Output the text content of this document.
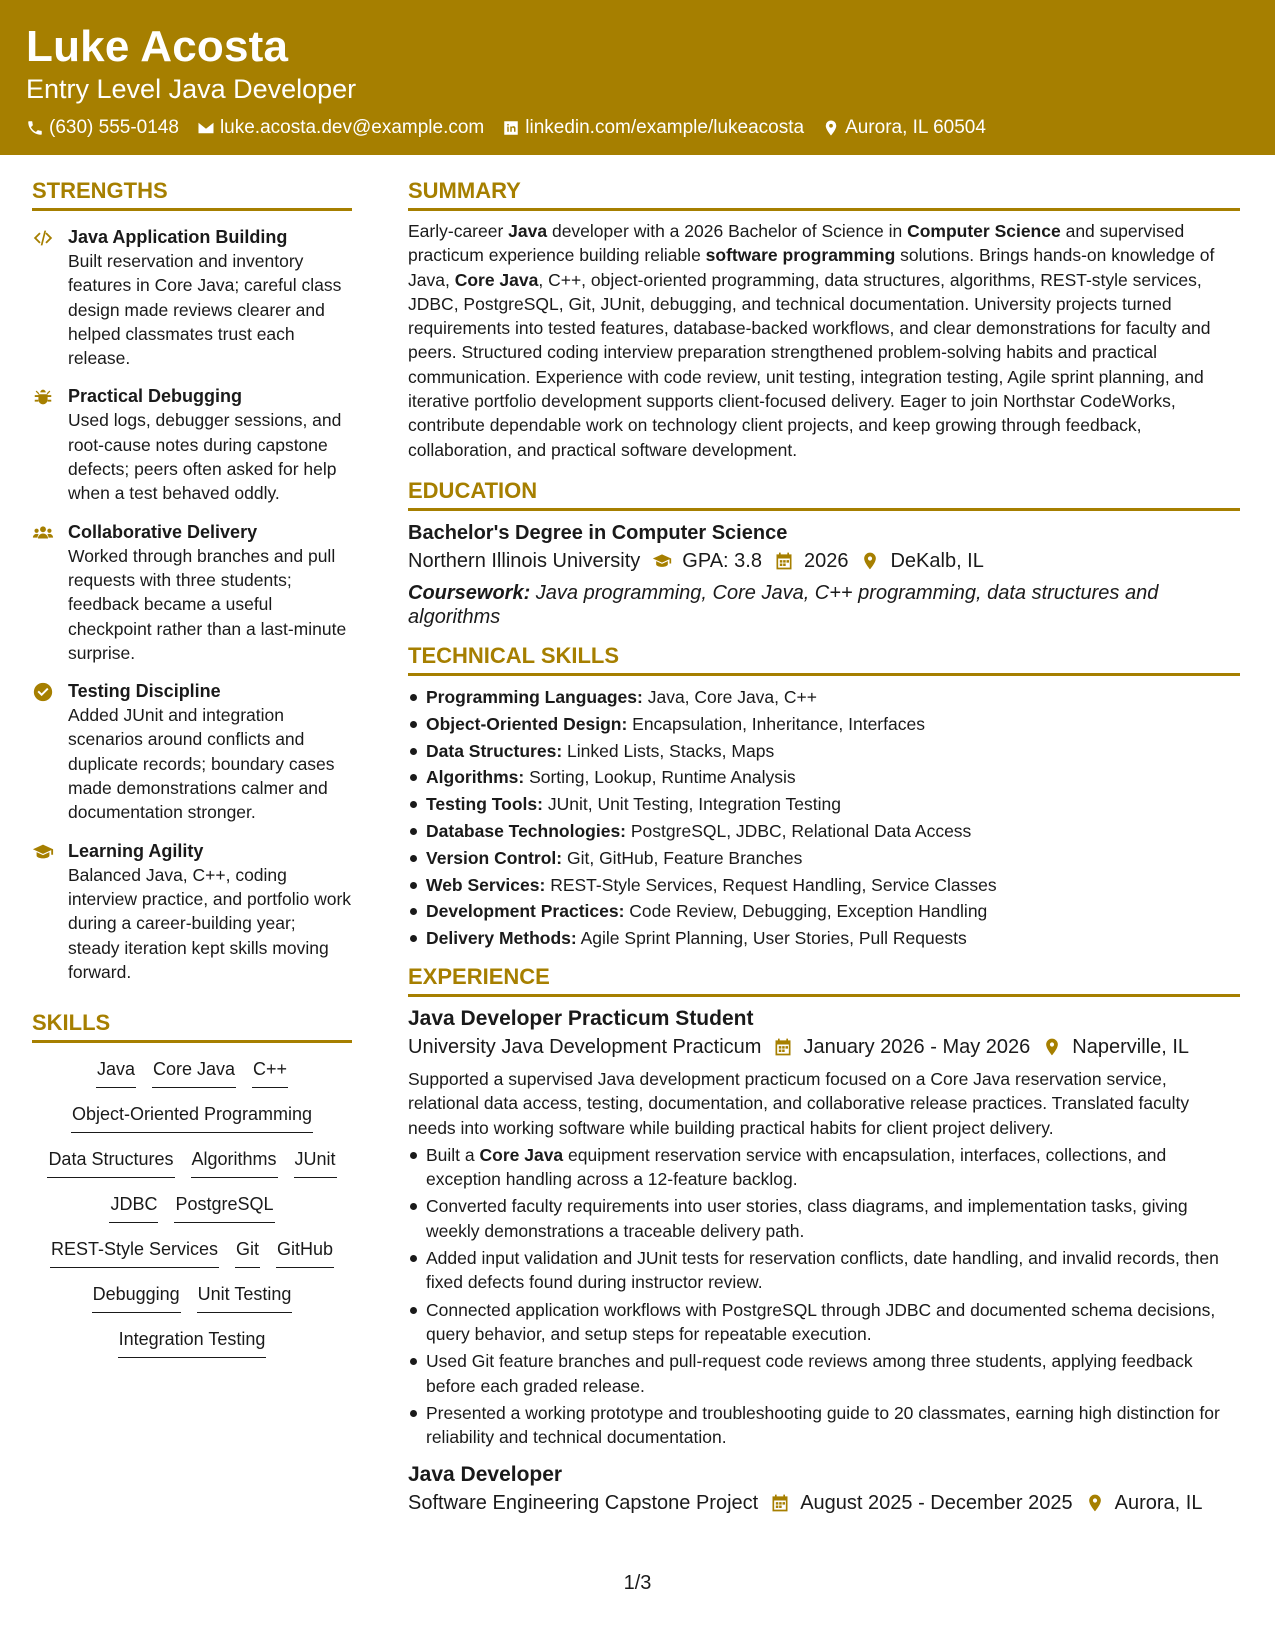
Luke Acosta
Entry Level Java Developer
(630) 555-0148 luke.acosta.dev@example.com linkedin.com/example/lukeacosta Aurora, IL 60504
STRENGTHS
Java Application Building
Built reservation and inventory features in Core Java; careful class design made reviews clearer and helped classmates trust each release.
Practical Debugging
Used logs, debugger sessions, and root-cause notes during capstone defects; peers often asked for help when a test behaved oddly.
Collaborative Delivery
Worked through branches and pull requests with three students; feedback became a useful checkpoint rather than a last-minute surprise.
Testing Discipline
Added JUnit and integration scenarios around conflicts and duplicate records; boundary cases made demonstrations calmer and documentation stronger.
Learning Agility
Balanced Java, C++, coding interview practice, and portfolio work during a career-building year; steady iteration kept skills moving forward.
SKILLS
Java Core Java C++
Object-Oriented Programming
Data Structures Algorithms JUnit
JDBC PostgreSQL
REST-Style Services Git GitHub
Debugging Unit Testing
Integration Testing
SUMMARY

Early-career Java developer with a 2026 Bachelor of Science in Computer Science and supervised practicum experience building reliable software programming solutions. Brings hands-on knowledge of Java, Core Java, C++, object-oriented programming, data structures, algorithms, REST-style services, JDBC, PostgreSQL, Git, JUnit, debugging, and technical documentation. University projects turned requirements into tested features, database-backed workflows, and clear demonstrations for faculty and peers. Structured coding interview preparation strengthened problem-solving habits and practical communication. Experience with code review, unit testing, integration testing, Agile sprint planning, and iterative portfolio development supports client-focused delivery. Eager to join Northstar CodeWorks, contribute dependable work on technology client projects, and keep growing through feedback, collaboration, and practical software development.

EDUCATION
Bachelor's Degree in Computer Science
Northern Illinois University GPA: 3.8 2026 DeKalb, IL

Coursework: Java programming, Core Java, C++ programming, data structures and algorithms

TECHNICAL SKILLS
Programming Languages: Java, Core Java, C++
Object-Oriented Design: Encapsulation, Inheritance, Interfaces
Data Structures: Linked Lists, Stacks, Maps
Algorithms: Sorting, Lookup, Runtime Analysis
Testing Tools: JUnit, Unit Testing, Integration Testing
Database Technologies: PostgreSQL, JDBC, Relational Data Access
Version Control: Git, GitHub, Feature Branches
Web Services: REST-Style Services, Request Handling, Service Classes
Development Practices: Code Review, Debugging, Exception Handling
Delivery Methods: Agile Sprint Planning, User Stories, Pull Requests
EXPERIENCE
Java Developer Practicum Student
University Java Development Practicum January 2026 - May 2026 Naperville, IL

Supported a supervised Java development practicum focused on a Core Java reservation service, relational data access, testing, documentation, and collaborative release practices. Translated faculty needs into working software while building practical habits for client project delivery.

Built a Core Java equipment reservation service with encapsulation, interfaces, collections, and exception handling across a 12-feature backlog.
Converted faculty requirements into user stories, class diagrams, and implementation tasks, giving weekly demonstrations a traceable delivery path.
Added input validation and JUnit tests for reservation conflicts, date handling, and invalid records, then fixed defects found during instructor review.
Connected application workflows with PostgreSQL through JDBC and documented schema decisions, query behavior, and setup steps for repeatable execution.
Used Git feature branches and pull-request code reviews among three students, applying feedback before each graded release.
Presented a working prototype and troubleshooting guide to 20 classmates, earning high distinction for reliability and technical documentation.
Java Developer
Software Engineering Capstone Project August 2025 - December 2025 Aurora, IL
1/3
